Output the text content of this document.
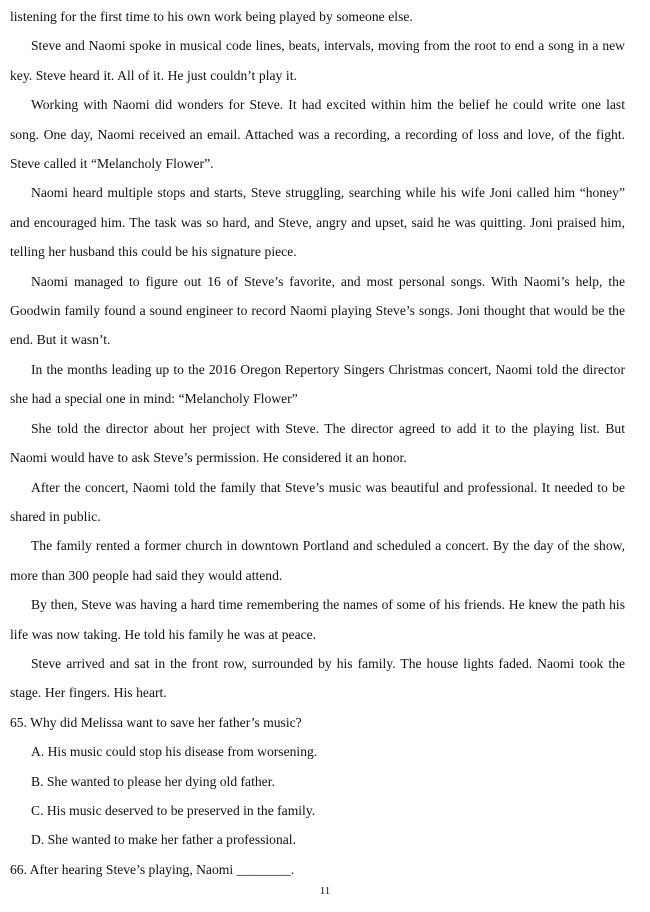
listening for the first time to his own work being played by someone else.

Steve and Naomi spoke in musical code lines, beats, intervals, moving from the root to end a song in a new key. Steve heard it. All of it. He just couldn’t play it.

Working with Naomi did wonders for Steve. It had excited within him the belief he could write one last song. One day, Naomi received an email. Attached was a recording, a recording of loss and love, of the fight. Steve called it “Melancholy Flower”.

Naomi heard multiple stops and starts, Steve struggling, searching while his wife Joni called him “honey” and encouraged him. The task was so hard, and Steve, angry and upset, said he was quitting. Joni praised him, telling her husband this could be his signature piece.

Naomi managed to figure out 16 of Steve’s favorite, and most personal songs. With Naomi’s help, the Goodwin family found a sound engineer to record Naomi playing Steve’s songs. Joni thought that would be the end. But it wasn’t.

In the months leading up to the 2016 Oregon Repertory Singers Christmas concert, Naomi told the director she had a special one in mind: “Melancholy Flower”

She told the director about her project with Steve. The director agreed to add it to the playing list. But Naomi would have to ask Steve’s permission. He considered it an honor.

After the concert, Naomi told the family that Steve’s music was beautiful and professional. It needed to be shared in public.

The family rented a former church in downtown Portland and scheduled a concert. By the day of the show, more than 300 people had said they would attend.

By then, Steve was having a hard time remembering the names of some of his friends. He knew the path his life was now taking. He told his family he was at peace.

Steve arrived and sat in the front row, surrounded by his family. The house lights faded. Naomi took the stage. Her fingers. His heart.

65. Why did Melissa want to save her father’s music?

A. His music could stop his disease from worsening.

B. She wanted to please her dying old father.

C. His music deserved to be preserved in the family.

D. She wanted to make her father a professional.

66. After hearing Steve’s playing, Naomi ________.

11
